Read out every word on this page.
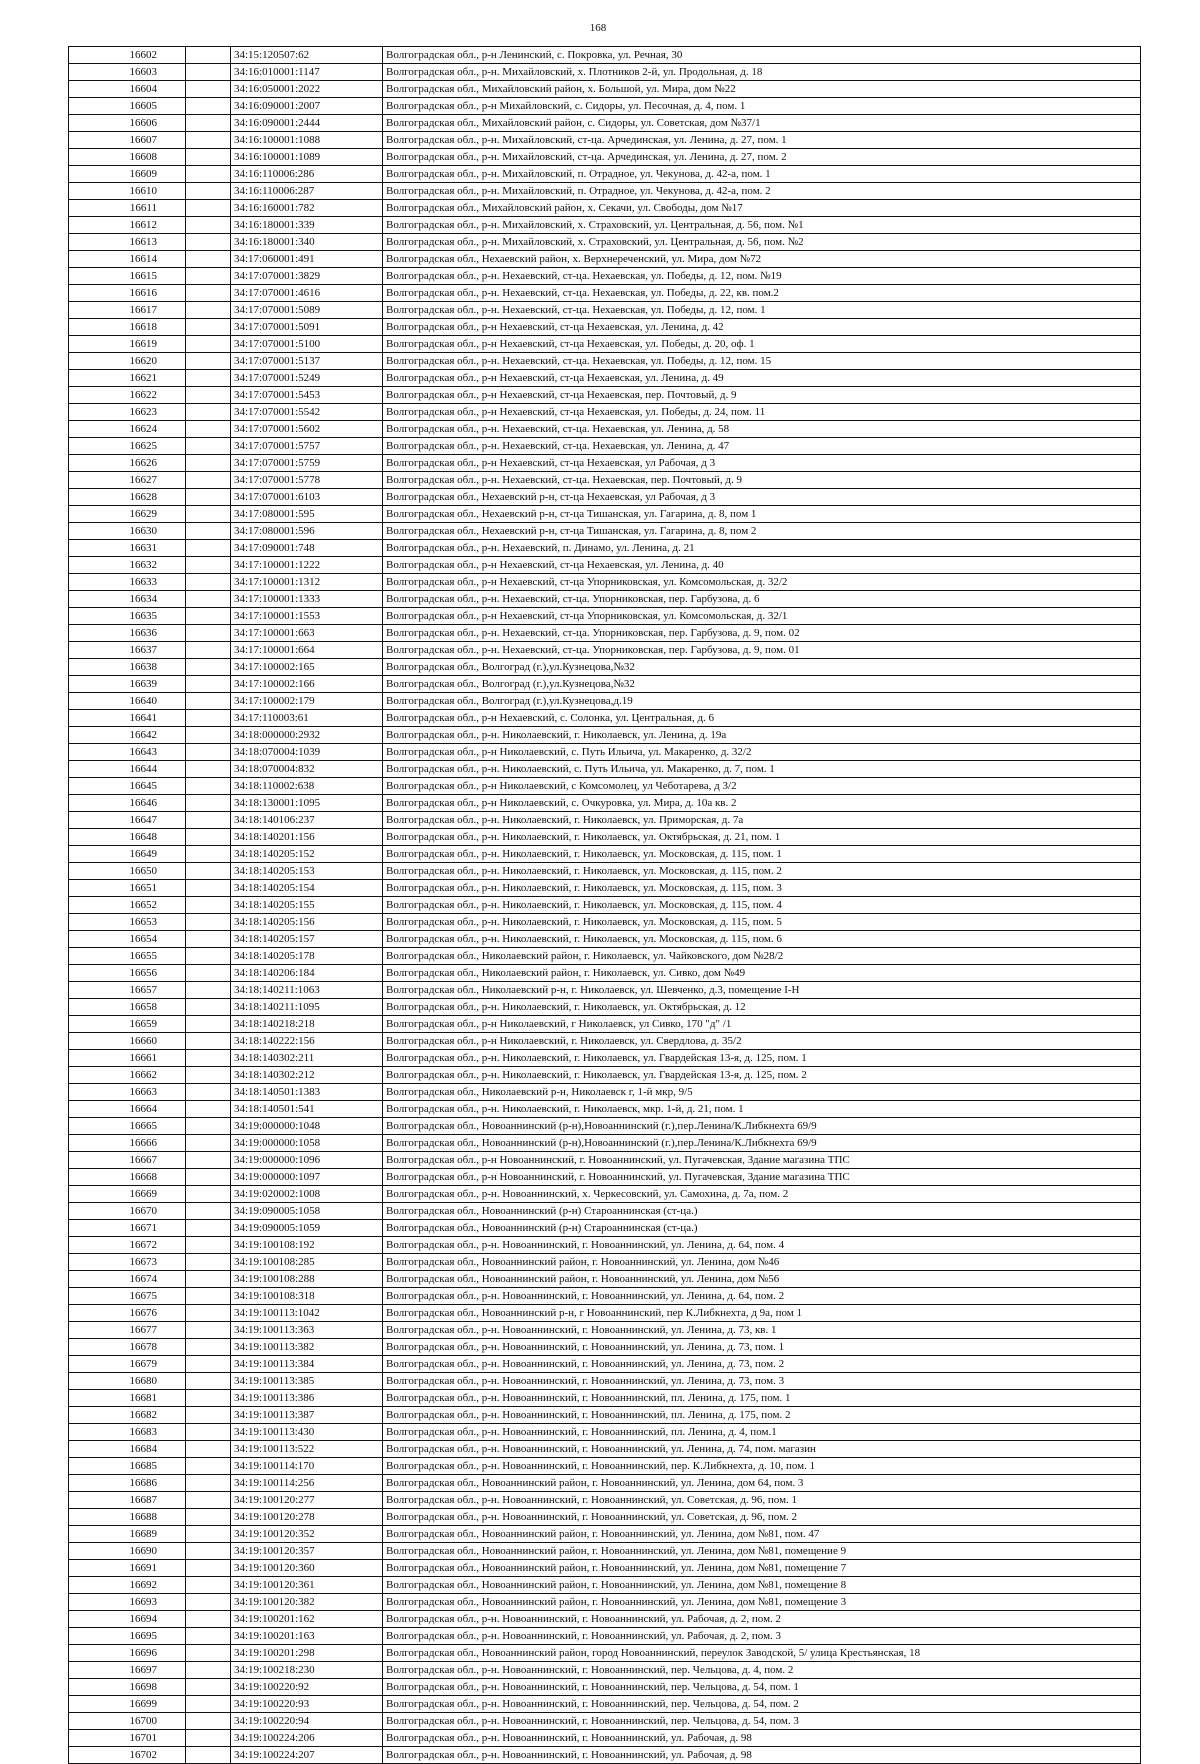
168
16602		34:15:120507:62	Волгоградская обл., р-н Ленинский, с. Покровка, ул. Речная, 30
16603		34:16:010001:1147	Волгоградская обл., р-н. Михайловский, х. Плотников 2-й, ул. Продольная, д. 18
16604		34:16:050001:2022	Волгоградская обл., Михайловский район, х. Большой, ул. Мира, дом №22
16605		34:16:090001:2007	Волгоградская обл., р-н Михайловский, с. Сидоры, ул. Песочная, д. 4, пом. 1
16606		34:16:090001:2444	Волгоградская обл., Михайловский район, с. Сидоры, ул. Советская, дом №37/1
16607		34:16:100001:1088	Волгоградская обл., р-н. Михайловский, ст-ца. Арчединская, ул. Ленина, д. 27, пом. 1
16608		34:16:100001:1089	Волгоградская обл., р-н. Михайловский, ст-ца. Арчединская, ул. Ленина, д. 27, пом. 2
16609		34:16:110006:286	Волгоградская обл., р-н. Михайловский, п. Отрадное, ул. Чекунова, д. 42-а, пом. 1
16610		34:16:110006:287	Волгоградская обл., р-н. Михайловский, п. Отрадное, ул. Чекунова, д. 42-а, пом. 2
16611		34:16:160001:782	Волгоградская обл., Михайловский район, х. Секачи, ул. Свободы, дом №17
16612		34:16:180001:339	Волгоградская обл., р-н. Михайловский, х. Страховский, ул. Центральная, д. 56, пом. №1
16613		34:16:180001:340	Волгоградская обл., р-н. Михайловский, х. Страховский, ул. Центральная, д. 56, пом. №2
16614		34:17:060001:491	Волгоградская обл., Нехаевский район, х. Верхнереченский, ул. Мира, дом №72
16615		34:17:070001:3829	Волгоградская обл., р-н. Нехаевский, ст-ца. Нехаевская, ул. Победы, д. 12, пом. №19
16616		34:17:070001:4616	Волгоградская обл., р-н. Нехаевский, ст-ца. Нехаевская, ул. Победы, д. 22, кв. пом.2
16617		34:17:070001:5089	Волгоградская обл., р-н. Нехаевский, ст-ца. Нехаевская, ул. Победы, д. 12, пом. 1
16618		34:17:070001:5091	Волгоградская обл., р-н Нехаевский, ст-ца Нехаевская, ул. Ленина, д. 42
16619		34:17:070001:5100	Волгоградская обл., р-н Нехаевский, ст-ца Нехаевская, ул. Победы, д. 20, оф. 1
16620		34:17:070001:5137	Волгоградская обл., р-н. Нехаевский, ст-ца. Нехаевская, ул. Победы, д. 12, пом. 15
16621		34:17:070001:5249	Волгоградская обл., р-н Нехаевский, ст-ца Нехаевская, ул. Ленина, д. 49
16622		34:17:070001:5453	Волгоградская обл., р-н Нехаевский, ст-ца Нехаевская, пер. Почтовый, д. 9
16623		34:17:070001:5542	Волгоградская обл., р-н Нехаевский, ст-ца Нехаевская, ул. Победы, д. 24, пом. 11
16624		34:17:070001:5602	Волгоградская обл., р-н. Нехаевский, ст-ца. Нехаевская, ул. Ленина, д. 58
16625		34:17:070001:5757	Волгоградская обл., р-н. Нехаевский, ст-ца. Нехаевская, ул. Ленина, д. 47
16626		34:17:070001:5759	Волгоградская обл., р-н Нехаевский, ст-ца Нехаевская, ул Рабочая, д 3
16627		34:17:070001:5778	Волгоградская обл., р-н. Нехаевский, ст-ца. Нехаевская, пер. Почтовый, д. 9
16628		34:17:070001:6103	Волгоградская обл., Нехаевский р-н, ст-ца Нехаевская, ул Рабочая, д 3
16629		34:17:080001:595	Волгоградская обл., Нехаевский р-н, ст-ца Тишанская, ул. Гагарина, д. 8, пом 1
16630		34:17:080001:596	Волгоградская обл., Нехаевский р-н, ст-ца Тишанская, ул. Гагарина, д. 8, пом 2
16631		34:17:090001:748	Волгоградская обл., р-н. Нехаевский, п. Динамо, ул. Ленина, д. 21
16632		34:17:100001:1222	Волгоградская обл., р-н Нехаевский, ст-ца Нехаевская, ул. Ленина, д. 40
16633		34:17:100001:1312	Волгоградская обл., р-н Нехаевский, ст-ца Упорниковская, ул. Комсомольская, д. 32/2
16634		34:17:100001:1333	Волгоградская обл., р-н. Нехаевский, ст-ца. Упорниковская, пер. Гарбузова, д. 6
16635		34:17:100001:1553	Волгоградская обл., р-н Нехаевский, ст-ца Упорниковская, ул. Комсомольская, д. 32/1
16636		34:17:100001:663	Волгоградская обл., р-н. Нехаевский, ст-ца. Упорниковская, пер. Гарбузова, д. 9, пом. 02
16637		34:17:100001:664	Волгоградская обл., р-н. Нехаевский, ст-ца. Упорниковская, пер. Гарбузова, д. 9, пом. 01
16638		34:17:100002:165	Волгоградская обл., Волгоград (г.),ул.Кузнецова,№32
16639		34:17:100002:166	Волгоградская обл., Волгоград (г.),ул.Кузнецова,№32
16640		34:17:100002:179	Волгоградская обл., Волгоград (г.),ул.Кузнецова,д.19
16641		34:17:110003:61	Волгоградская обл., р-н Нехаевский, с. Солонка, ул. Центральная, д. 6
16642		34:18:000000:2932	Волгоградская обл., р-н. Николаевский, г. Николаевск, ул. Ленина, д. 19а
16643		34:18:070004:1039	Волгоградская обл., р-н Николаевский, с. Путь Ильича, ул. Макаренко, д. 32/2
16644		34:18:070004:832	Волгоградская обл., р-н. Николаевский, с. Путь Ильича, ул. Макаренко, д. 7, пом. 1
16645		34:18:110002:638	Волгоградская обл., р-н Николаевский, с Комсомолец, ул Чеботарева, д 3/2
16646		34:18:130001:1095	Волгоградская обл., р-н Николаевский, с. Очкуровка, ул. Мира, д. 10а кв. 2
16647		34:18:140106:237	Волгоградская обл., р-н. Николаевский, г. Николаевск, ул. Приморская, д. 7а
16648		34:18:140201:156	Волгоградская обл., р-н. Николаевский, г. Николаевск, ул. Октябрьская, д. 21, пом. 1
16649		34:18:140205:152	Волгоградская обл., р-н. Николаевский, г. Николаевск, ул. Московская, д. 115, пом. 1
16650		34:18:140205:153	Волгоградская обл., р-н. Николаевский, г. Николаевск, ул. Московская, д. 115, пом. 2
16651		34:18:140205:154	Волгоградская обл., р-н. Николаевский, г. Николаевск, ул. Московская, д. 115, пом. 3
16652		34:18:140205:155	Волгоградская обл., р-н. Николаевский, г. Николаевск, ул. Московская, д. 115, пом. 4
16653		34:18:140205:156	Волгоградская обл., р-н. Николаевский, г. Николаевск, ул. Московская, д. 115, пом. 5
16654		34:18:140205:157	Волгоградская обл., р-н. Николаевский, г. Николаевск, ул. Московская, д. 115, пом. 6
16655		34:18:140205:178	Волгоградская обл., Николаевский район, г. Николаевск, ул. Чайковского, дом №28/2
16656		34:18:140206:184	Волгоградская обл., Николаевский район, г. Николаевск, ул. Сивко, дом №49
16657		34:18:140211:1063	Волгоградская обл., Николаевский р-н, г. Николаевск, ул. Шевченко, д.3, помещение I-H
16658		34:18:140211:1095	Волгоградская обл., р-н. Николаевский, г. Николаевск, ул. Октябрьская, д. 12
16659		34:18:140218:218	Волгоградская обл., р-н Николаевский, г Николаевск, ул Сивко, 170 "д" /1
16660		34:18:140222:156	Волгоградская обл., р-н Николаевский, г. Николаевск, ул. Свердлова, д. 35/2
16661		34:18:140302:211	Волгоградская обл., р-н. Николаевский, г. Николаевск, ул. Гвардейская 13-я, д. 125, пом. 1
16662		34:18:140302:212	Волгоградская обл., р-н. Николаевский, г. Николаевск, ул. Гвардейская 13-я, д. 125, пом. 2
16663		34:18:140501:1383	Волгоградская обл., Николаевский р-н, Николаевск г, 1-й мкр, 9/5
16664		34:18:140501:541	Волгоградская обл., р-н. Николаевский, г. Николаевск, мкр. 1-й, д. 21, пом. 1
16665		34:19:000000:1048	Волгоградская обл., Новоаннинский (р-н),Новоаннинский (г.),пер.Ленина/К.Либкнехта 69/9
16666		34:19:000000:1058	Волгоградская обл., Новоаннинский (р-н),Новоаннинский (г.),пер.Ленина/К.Либкнехта 69/9
16667		34:19:000000:1096	Волгоградская обл., р-н Новоаннинский, г. Новоаннинский, ул. Пугачевская, Здание магазина ТПС
16668		34:19:000000:1097	Волгоградская обл., р-н Новоаннинский, г. Новоаннинский, ул. Пугачевская, Здание магазина ТПС
16669		34:19:020002:1008	Волгоградская обл., р-н. Новоаннинский, х. Черкесовский, ул. Самохина, д. 7а, пом. 2
16670		34:19:090005:1058	Волгоградская обл., Новоаннинский (р-н) Староаннинская (ст-ца.)
16671		34:19:090005:1059	Волгоградская обл., Новоаннинский (р-н) Староаннинская (ст-ца.)
16672		34:19:100108:192	Волгоградская обл., р-н. Новоаннинский, г. Новоаннинский, ул. Ленина, д. 64, пом. 4
16673		34:19:100108:285	Волгоградская обл., Новоаннинский район, г. Новоаннинский, ул. Ленина, дом №46
16674		34:19:100108:288	Волгоградская обл., Новоаннинский район, г. Новоаннинский, ул. Ленина, дом №56
16675		34:19:100108:318	Волгоградская обл., р-н. Новоаннинский, г. Новоаннинский, ул. Ленина, д. 64, пом. 2
16676		34:19:100113:1042	Волгоградская обл., Новоаннинский р-н, г Новоаннинский, пер К.Либкнехта, д 9а, пом 1
16677		34:19:100113:363	Волгоградская обл., р-н. Новоаннинский, г. Новоаннинский, ул. Ленина, д. 73, кв. 1
16678		34:19:100113:382	Волгоградская обл., р-н. Новоаннинский, г. Новоаннинский, ул. Ленина, д. 73, пом. 1
16679		34:19:100113:384	Волгоградская обл., р-н. Новоаннинский, г. Новоаннинский, ул. Ленина, д. 73, пом. 2
16680		34:19:100113:385	Волгоградская обл., р-н. Новоаннинский, г. Новоаннинский, ул. Ленина, д. 73, пом. 3
16681		34:19:100113:386	Волгоградская обл., р-н. Новоаннинский, г. Новоаннинский, пл. Ленина, д. 175, пом. 1
16682		34:19:100113:387	Волгоградская обл., р-н. Новоаннинский, г. Новоаннинский, пл. Ленина, д. 175, пом. 2
16683		34:19:100113:430	Волгоградская обл., р-н. Новоаннинский, г. Новоаннинский, пл. Ленина, д. 4, пом.1
16684		34:19:100113:522	Волгоградская обл., р-н. Новоаннинский, г. Новоаннинский, ул. Ленина, д. 74, пом. магазин
16685		34:19:100114:170	Волгоградская обл., р-н. Новоаннинский, г. Новоаннинский, пер. К.Либкнехта, д. 10, пом. 1
16686		34:19:100114:256	Волгоградская обл., Новоаннинский район, г. Новоаннинский, ул. Ленина, дом 64, пом. 3
16687		34:19:100120:277	Волгоградская обл., р-н. Новоаннинский, г. Новоаннинский, ул. Советская, д. 96, пом. 1
16688		34:19:100120:278	Волгоградская обл., р-н. Новоаннинский, г. Новоаннинский, ул. Советская, д. 96, пом. 2
16689		34:19:100120:352	Волгоградская обл., Новоаннинский район, г. Новоаннинский, ул. Ленина, дом №81, пом. 47
16690		34:19:100120:357	Волгоградская обл., Новоаннинский район, г. Новоаннинский, ул. Ленина, дом №81, помещение 9
16691		34:19:100120:360	Волгоградская обл., Новоаннинский район, г. Новоаннинский, ул. Ленина, дом №81, помещение 7
16692		34:19:100120:361	Волгоградская обл., Новоаннинский район, г. Новоаннинский, ул. Ленина, дом №81, помещение 8
16693		34:19:100120:382	Волгоградская обл., Новоаннинский район, г. Новоаннинский, ул. Ленина, дом №81, помещение 3
16694		34:19:100201:162	Волгоградская обл., р-н. Новоаннинский, г. Новоаннинский, ул. Рабочая, д. 2, пом. 2
16695		34:19:100201:163	Волгоградская обл., р-н. Новоаннинский, г. Новоаннинский, ул. Рабочая, д. 2, пом. 3
16696		34:19:100201:298	Волгоградская обл., Новоаннинский район, город Новоаннинский, переулок Заводской, 5/ улица Крестьянская, 18
16697		34:19:100218:230	Волгоградская обл., р-н. Новоаннинский, г. Новоаннинский, пер. Чельцова, д. 4, пом. 2
16698		34:19:100220:92	Волгоградская обл., р-н. Новоаннинский, г. Новоаннинский, пер. Чельцова, д. 54, пом. 1
16699		34:19:100220:93	Волгоградская обл., р-н. Новоаннинский, г. Новоаннинский, пер. Чельцова, д. 54, пом. 2
16700		34:19:100220:94	Волгоградская обл., р-н. Новоаннинский, г. Новоаннинский, пер. Чельцова, д. 54, пом. 3
16701		34:19:100224:206	Волгоградская обл., р-н. Новоаннинский, г. Новоаннинский, ул. Рабочая, д. 98
16702		34:19:100224:207	Волгоградская обл., р-н. Новоаннинский, г. Новоаннинский, ул. Рабочая, д. 98
